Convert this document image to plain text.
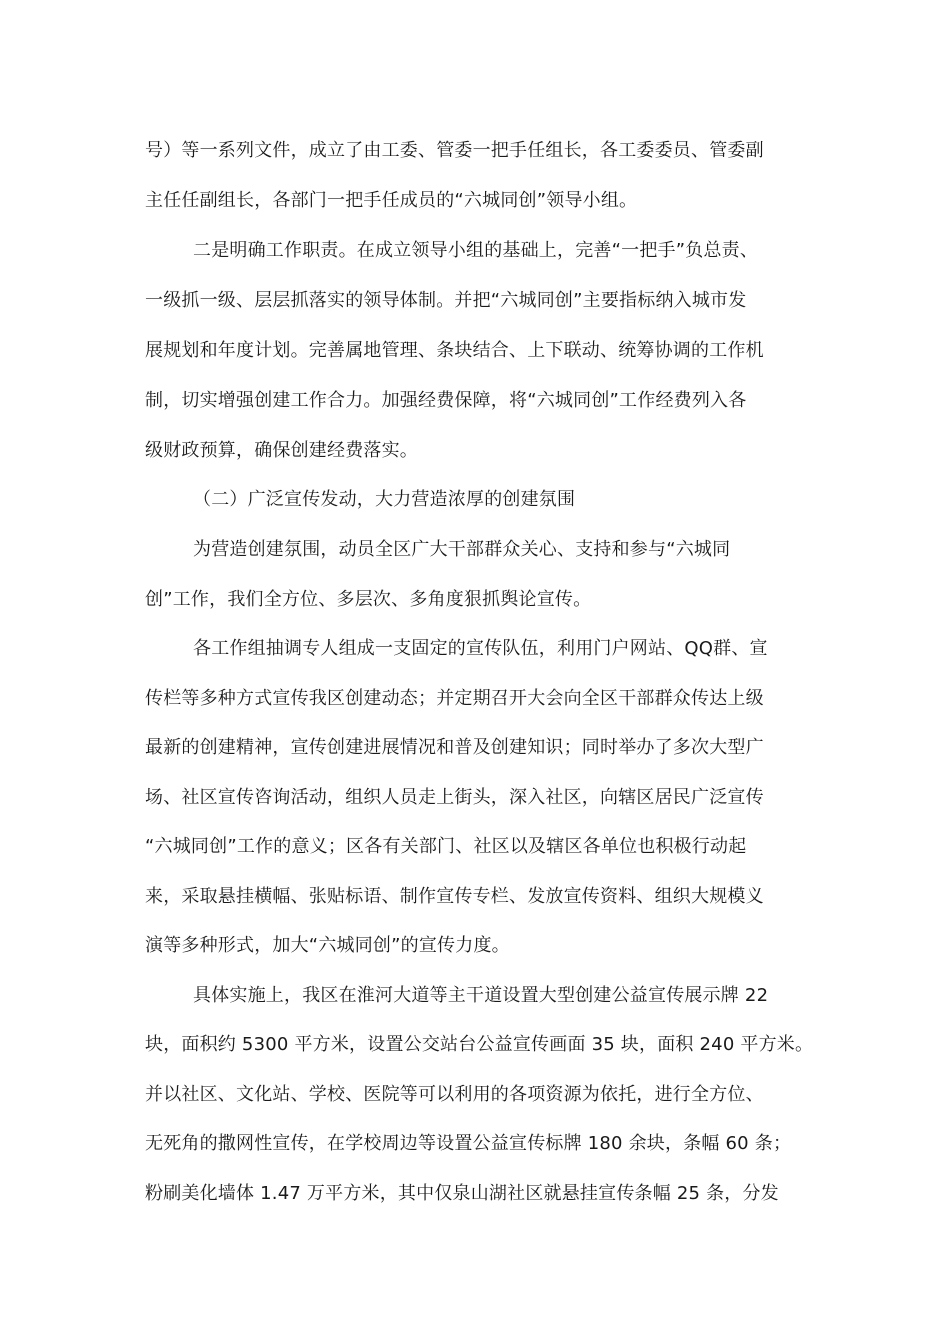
号）等一系列文件，成立了由工委、管委一把手任组长，各工委委员、管委副
主任任副组长，各部门一把手任成员的“六城同创”领导小组。
二是明确工作职责。在成立领导小组的基础上，完善“一把手”负总责、
一级抓一级、层层抓落实的领导体制。并把“六城同创”主要指标纳入城市发
展规划和年度计划。完善属地管理、条块结合、上下联动、统筹协调的工作机
制，切实增强创建工作合力。加强经费保障，将“六城同创”工作经费列入各
级财政预算，确保创建经费落实。
（二）广泛宣传发动，大力营造浓厚的创建氛围
为营造创建氛围，动员全区广大干部群众关心、支持和参与“六城同
创”工作，我们全方位、多层次、多角度狠抓舆论宣传。
各工作组抽调专人组成一支固定的宣传队伍，利用门户网站、QQ群、宣
传栏等多种方式宣传我区创建动态；并定期召开大会向全区干部群众传达上级
最新的创建精神，宣传创建进展情况和普及创建知识；同时举办了多次大型广
场、社区宣传咨询活动，组织人员走上街头，深入社区，向辖区居民广泛宣传
“六城同创”工作的意义；区各有关部门、社区以及辖区各单位也积极行动起
来，采取悬挂横幅、张贴标语、制作宣传专栏、发放宣传资料、组织大规模义
演等多种形式，加大“六城同创”的宣传力度。
具体实施上，我区在淮河大道等主干道设置大型创建公益宣传展示牌 22
块，面积约 5300 平方米，设置公交站台公益宣传画面 35 块，面积 240 平方米。
并以社区、文化站、学校、医院等可以利用的各项资源为依托，进行全方位、
无死角的撒网性宣传，在学校周边等设置公益宣传标牌 180 余块，条幅 60 条；
粉刷美化墙体 1.47 万平方米，其中仅泉山湖社区就悬挂宣传条幅 25 条，分发
